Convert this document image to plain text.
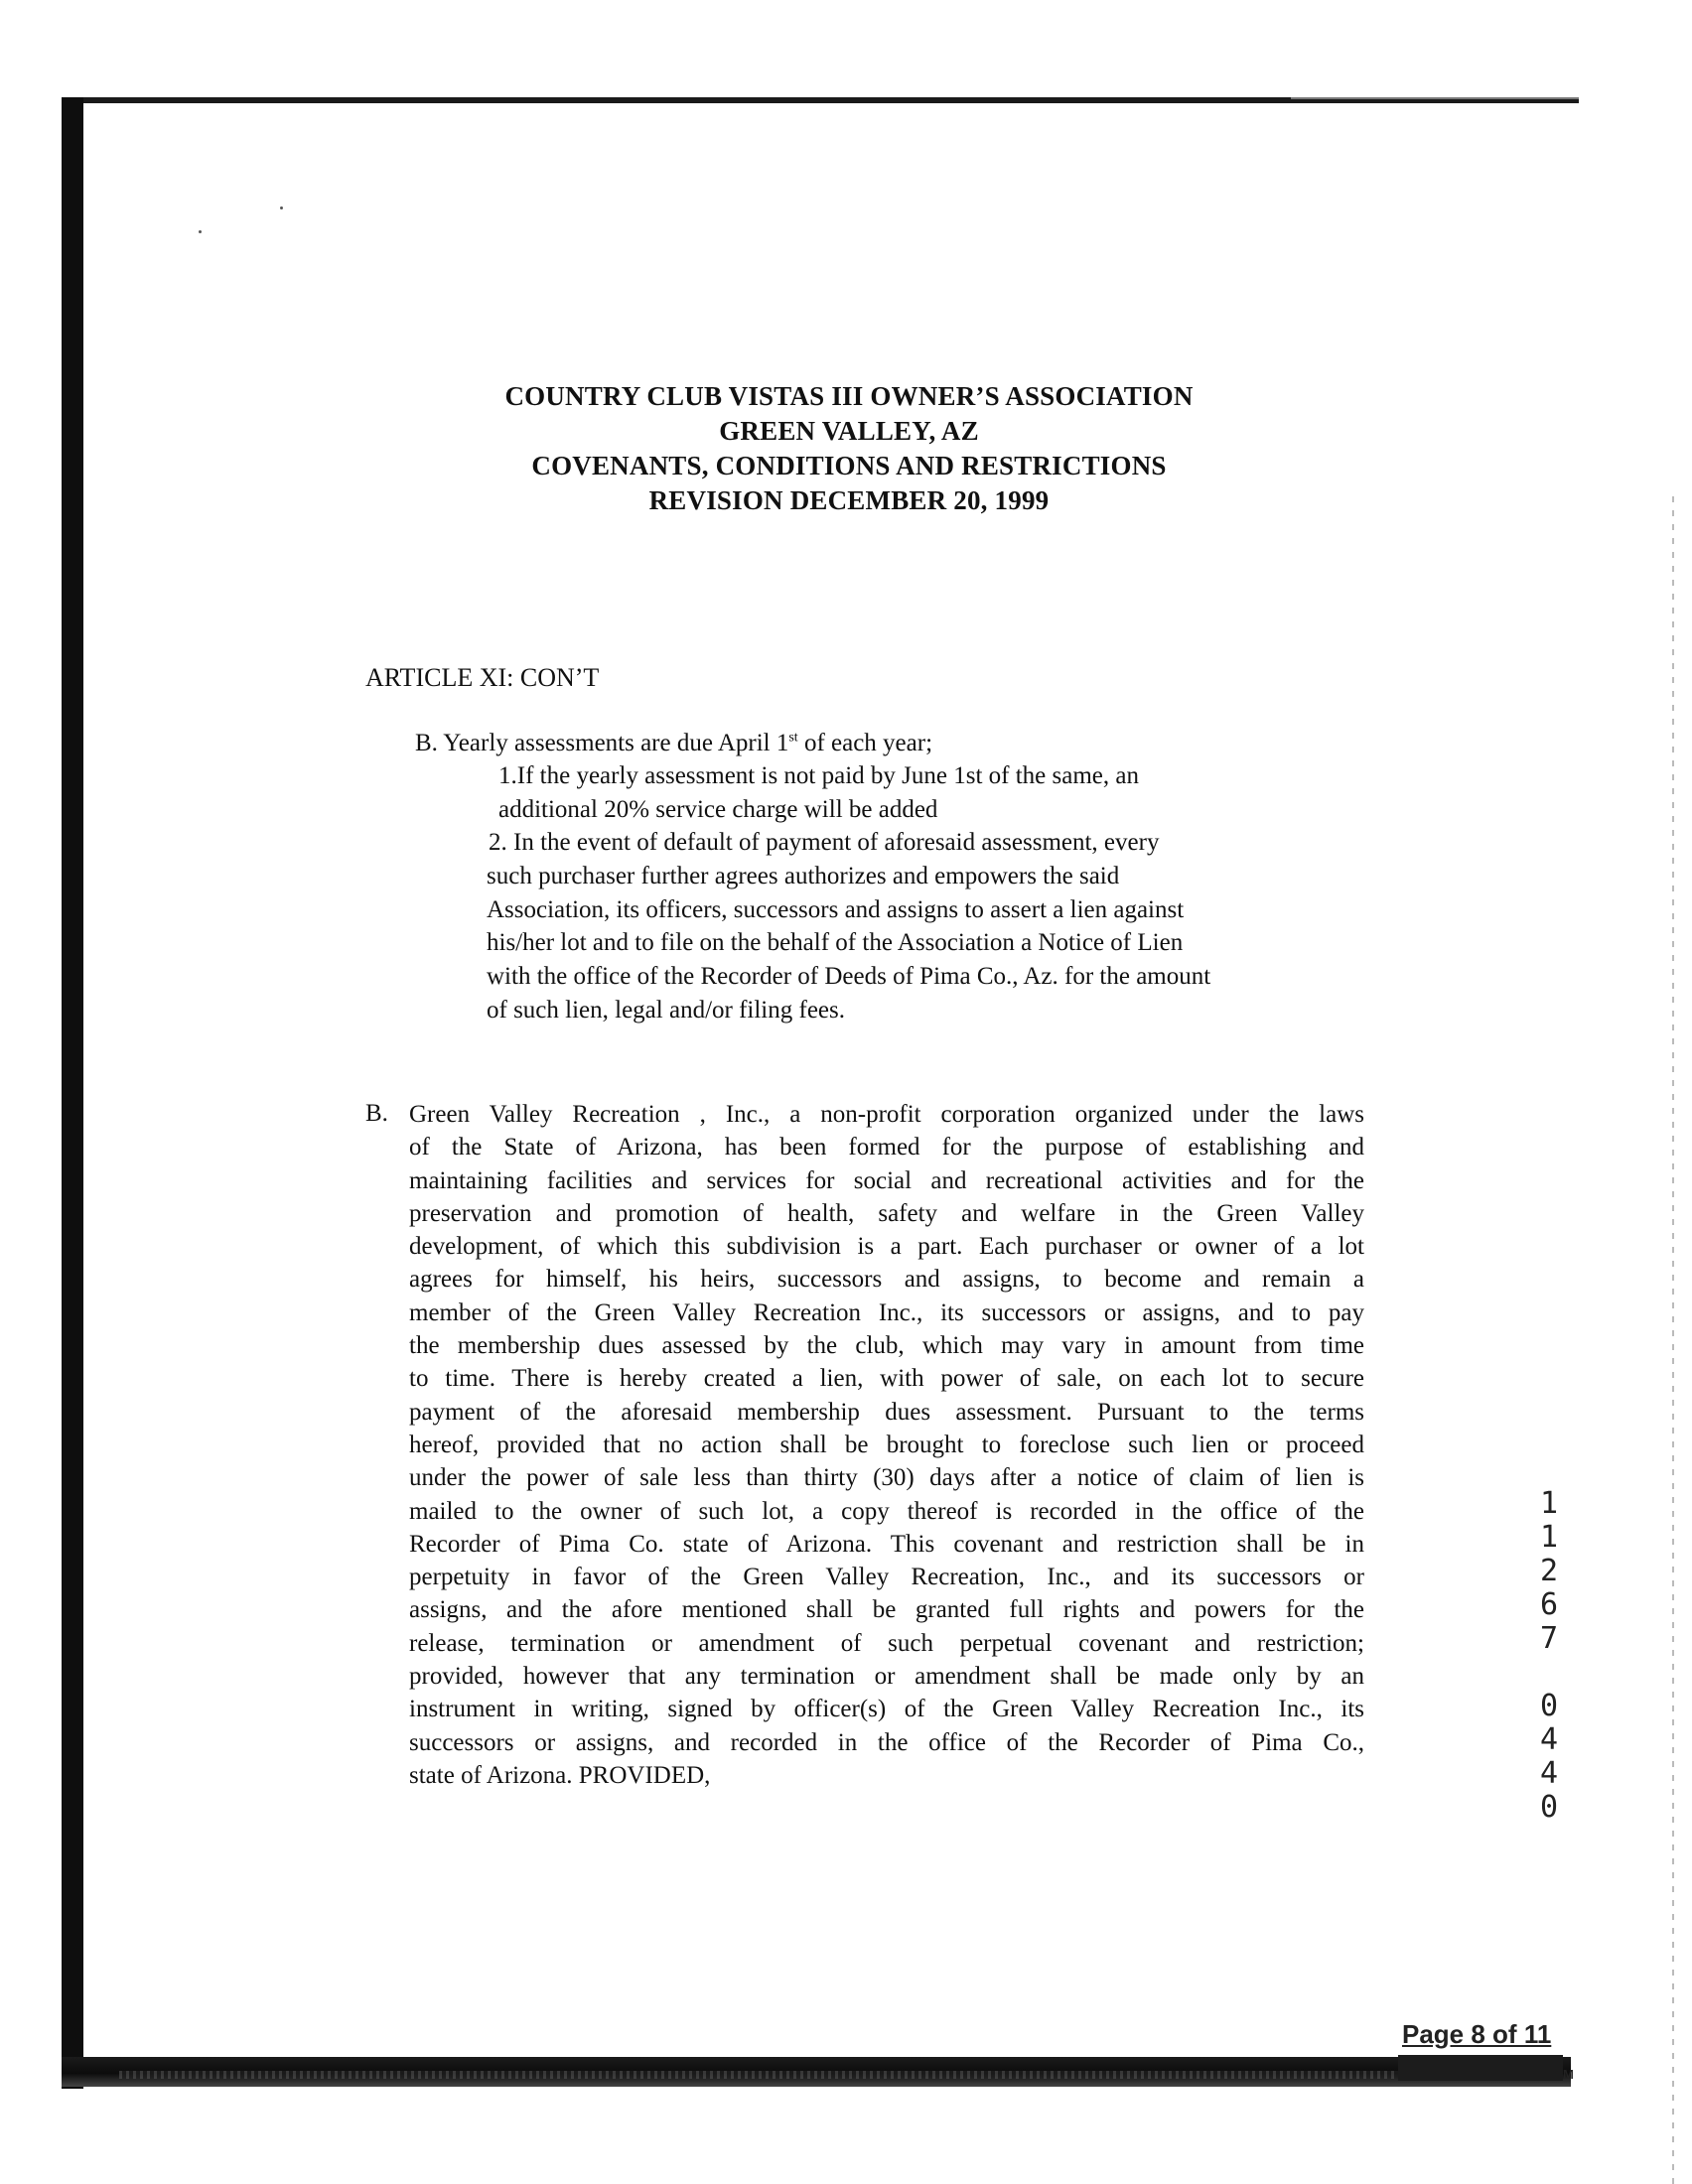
COUNTRY CLUB VISTAS III OWNER’S ASSOCIATION
GREEN VALLEY, AZ
COVENANTS, CONDITIONS AND RESTRICTIONS
REVISION DECEMBER 20, 1999
ARTICLE XI: CON’T
B. Yearly assessments are due April 1st of each year;
1.If the yearly assessment is not paid by June 1st of the same, an
additional 20% service charge will be added
2. In the event of default of payment of aforesaid assessment, every
such purchaser further agrees authorizes and empowers the said
Association, its officers, successors and assigns to assert a lien against
his/her lot and to file on the behalf of the Association a Notice of Lien
with the office of the Recorder of Deeds of Pima Co., Az. for the amount
of such lien, legal and/or filing fees.
B. Green Valley Recreation , Inc., a non-profit corporation organized under the laws
of the State of Arizona, has been formed for the purpose of establishing and
maintaining facilities and services for social and recreational activities and for the
preservation and promotion of health, safety and welfare in the Green Valley
development, of which this subdivision is a part. Each purchaser or owner of a lot
agrees for himself, his heirs, successors and assigns, to become and remain a
member of the Green Valley Recreation Inc., its successors or assigns, and to pay
the membership dues assessed by the club, which may vary in amount from time
to time. There is hereby created a lien, with power of sale, on each lot to secure
payment of the aforesaid membership dues assessment. Pursuant to the terms
hereof, provided that no action shall be brought to foreclose such lien or proceed
under the power of sale less than thirty (30) days after a notice of claim of lien is
mailed to the owner of such lot, a copy thereof is recorded in the office of the
Recorder of Pima Co. state of Arizona. This covenant and restriction shall be in
perpetuity in favor of the Green Valley Recreation, Inc., and its successors or
assigns, and the afore mentioned shall be granted full rights and powers for the
release, termination or amendment of such perpetual covenant and restriction;
provided, however that any termination or amendment shall be made only by an
instrument in writing, signed by officer(s) of the Green Valley Recreation Inc., its
successors or assigns, and recorded in the office of the Recorder of Pima Co.,
state of Arizona. PROVIDED,
1
1
2
6
7
0
4
4
0
Page 8 of 11
M
